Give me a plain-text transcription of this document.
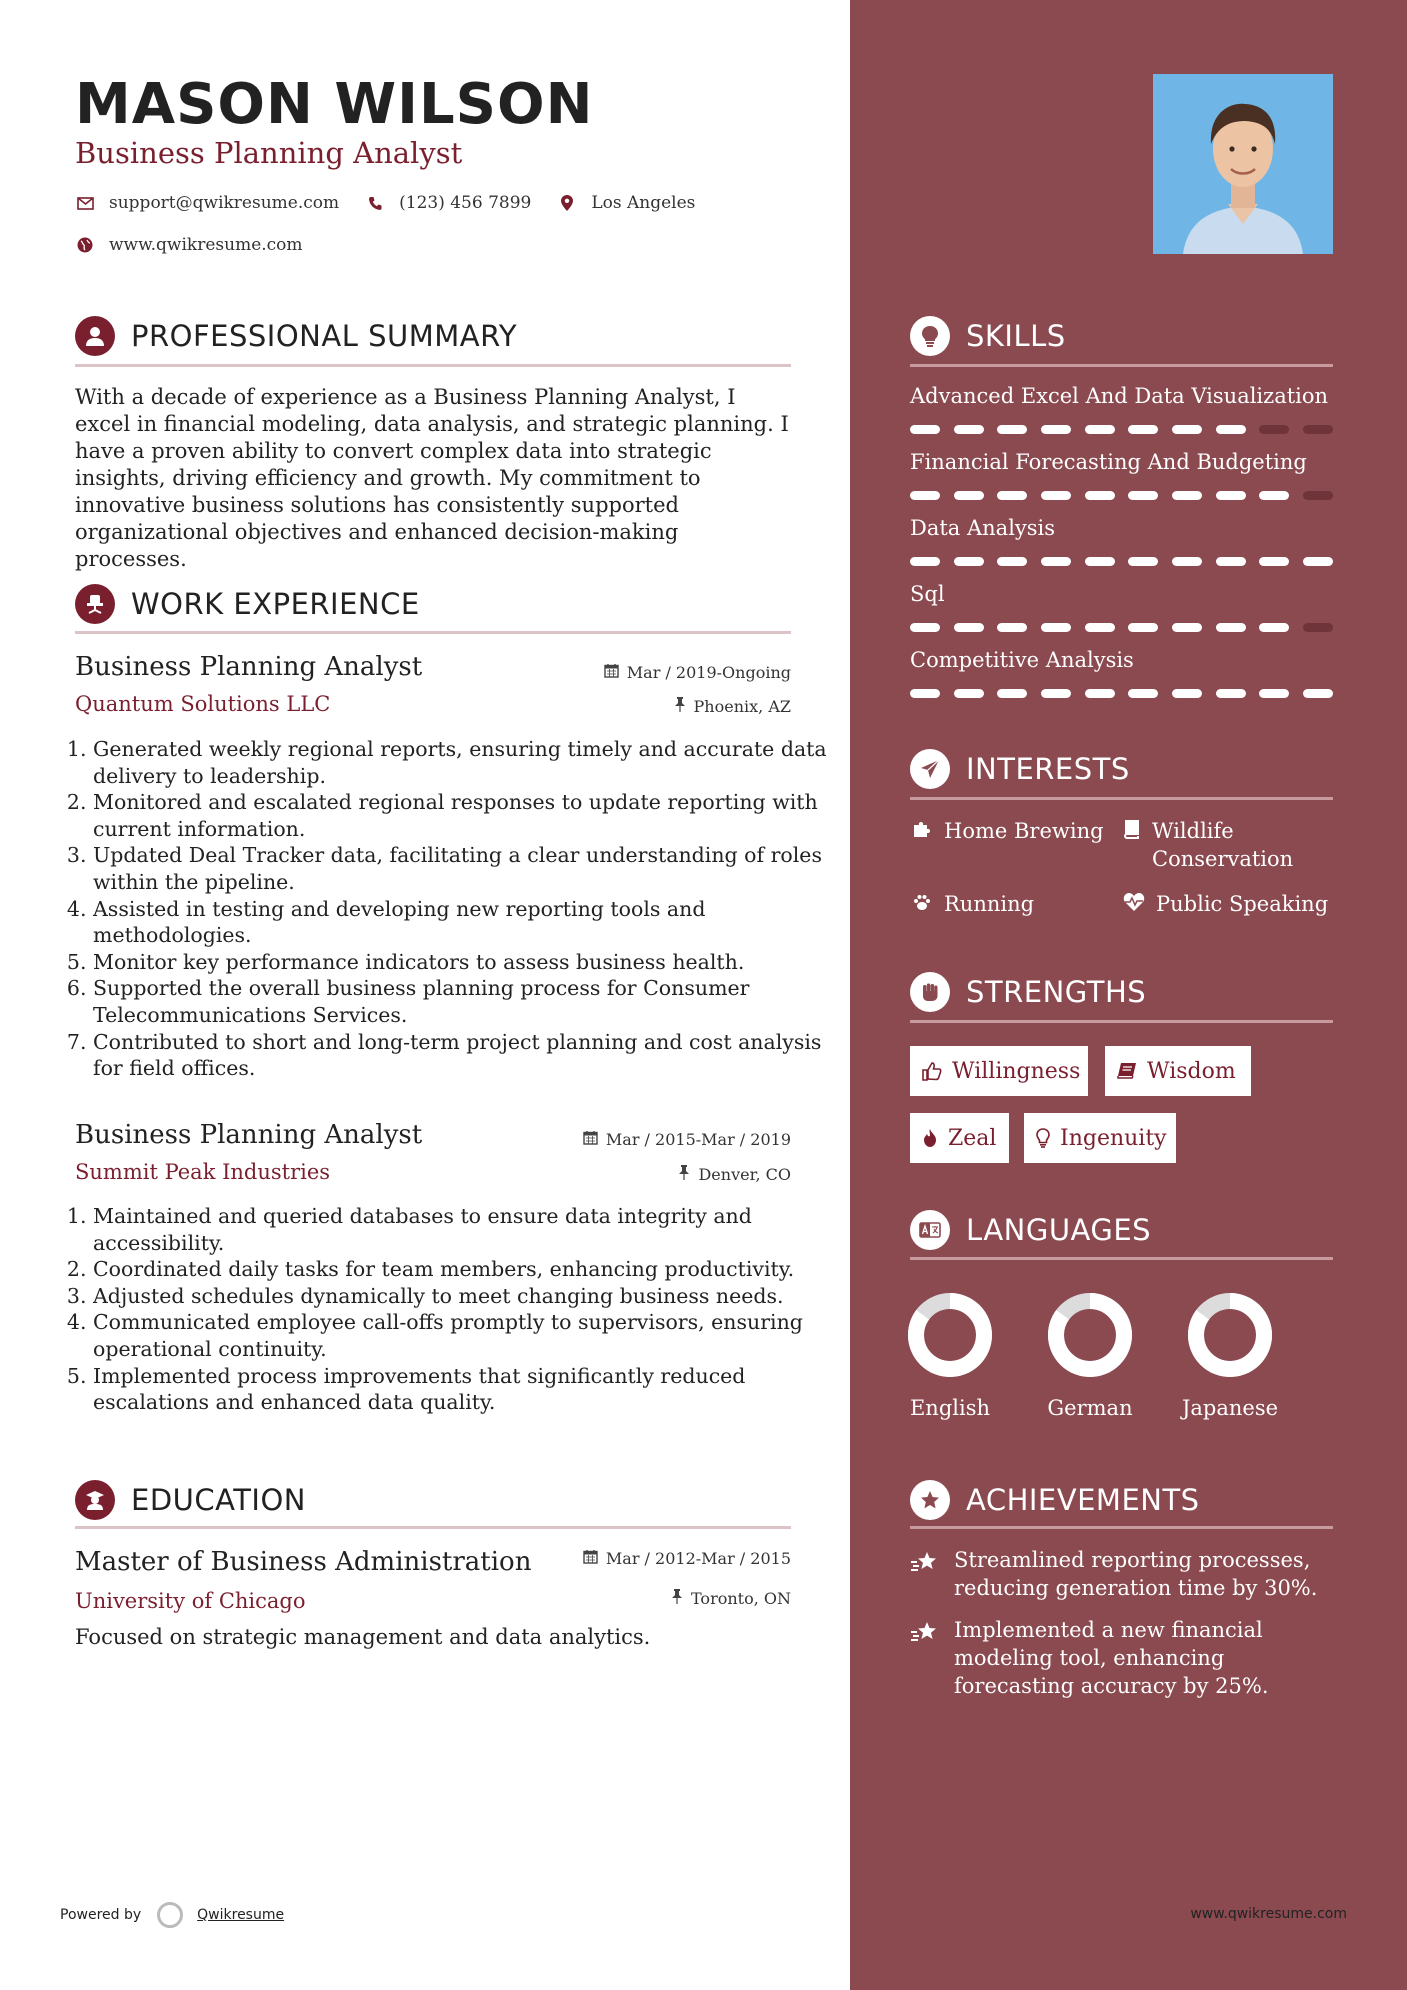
MASON WILSON
Business Planning Analyst
support@qwikresume.com	(123) 456 7899	Los Angeles
www.qwikresume.com
PROFESSIONAL SUMMARY
With a decade of experience as a Business Planning Analyst, I excel in financial modeling, data analysis, and strategic planning. I have a proven ability to convert complex data into strategic insights, driving efficiency and growth. My commitment to innovative business solutions has consistently supported organizational objectives and enhanced decision-making processes.
WORK EXPERIENCE
Business Planning Analyst
Quantum Solutions LLC
Mar / 2019-Ongoing
Phoenix, AZ
1. Generated weekly regional reports, ensuring timely and accurate data delivery to leadership.
2. Monitored and escalated regional responses to update reporting with current information.
3. Updated Deal Tracker data, facilitating a clear understanding of roles within the pipeline.
4. Assisted in testing and developing new reporting tools and methodologies.
5. Monitor key performance indicators to assess business health.
6. Supported the overall business planning process for Consumer Telecommunications Services.
7. Contributed to short and long-term project planning and cost analysis for field offices.
Business Planning Analyst
Summit Peak Industries
Mar / 2015-Mar / 2019
Denver, CO
1. Maintained and queried databases to ensure data integrity and accessibility.
2. Coordinated daily tasks for team members, enhancing productivity.
3. Adjusted schedules dynamically to meet changing business needs.
4. Communicated employee call-offs promptly to supervisors, ensuring operational continuity.
5. Implemented process improvements that significantly reduced escalations and enhanced data quality.
EDUCATION
Master of Business Administration
University of Chicago
Mar / 2012-Mar / 2015
Toronto, ON
Focused on strategic management and data analytics.
Powered by	Qwikresume	www.qwikresume.com
SKILLS
Advanced Excel And Data Visualization
Financial Forecasting And Budgeting
Data Analysis
Sql
Competitive Analysis
INTERESTS
Home Brewing Wildlife Conservation
Running	Public Speaking
STRENGTHS
Willingness	Wisdom
Zeal	Ingenuity
LANGUAGES
English	German	Japanese
ACHIEVEMENTS
Streamlined reporting processes, reducing generation time by 30%.
Implemented a new financial modeling tool, enhancing forecasting accuracy by 25%.
